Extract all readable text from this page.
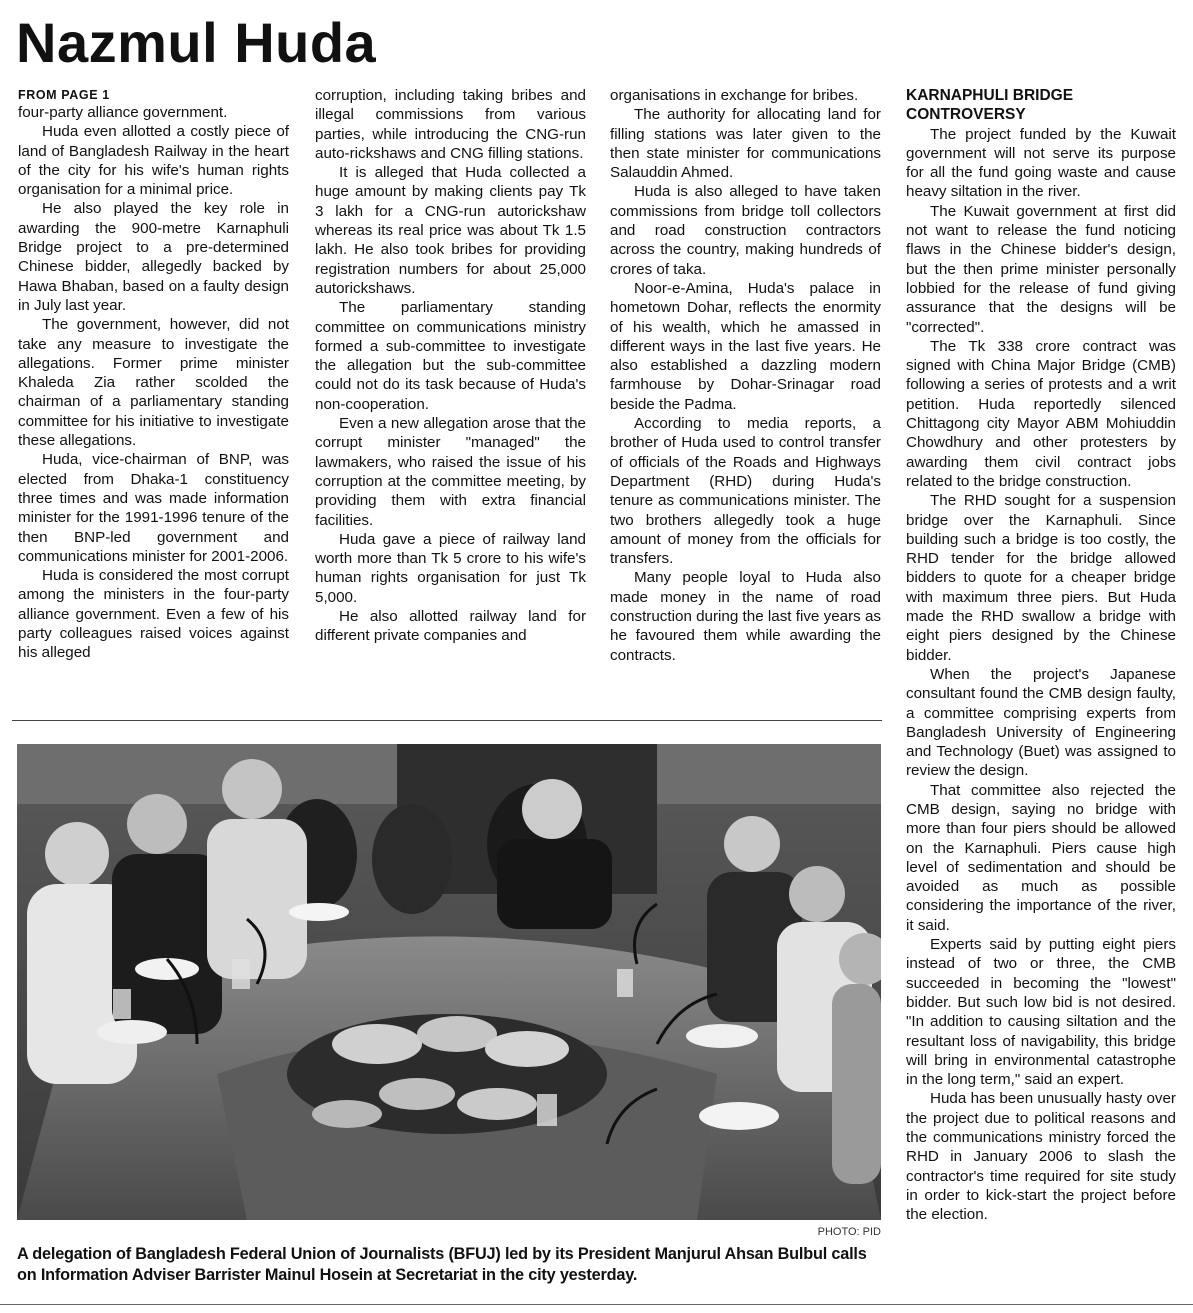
Nazmul Huda
FROM PAGE 1

four-party alliance government.

Huda even allotted a costly piece of land of Bangladesh Railway in the heart of the city for his wife's human rights organisation for a minimal price.

He also played the key role in awarding the 900-metre Karnaphuli Bridge project to a pre-determined Chinese bidder, allegedly backed by Hawa Bhaban, based on a faulty design in July last year.

The government, however, did not take any measure to investigate the allegations. Former prime minister Khaleda Zia rather scolded the chairman of a parliamentary standing committee for his initiative to investigate these allegations.

Huda, vice-chairman of BNP, was elected from Dhaka-1 constituency three times and was made information minister for the 1991-1996 tenure of the then BNP-led government and communications minister for 2001-2006.

Huda is considered the most corrupt among the ministers in the four-party alliance government. Even a few of his party colleagues raised voices against his alleged

corruption, including taking bribes and illegal commissions from various parties, while introducing the CNG-run auto-rickshaws and CNG filling stations.

It is alleged that Huda collected a huge amount by making clients pay Tk 3 lakh for a CNG-run autorickshaw whereas its real price was about Tk 1.5 lakh. He also took bribes for providing registration numbers for about 25,000 autorickshaws.

The parliamentary standing committee on communications ministry formed a sub-committee to investigate the allegation but the sub-committee could not do its task because of Huda's non-cooperation.

Even a new allegation arose that the corrupt minister "managed" the lawmakers, who raised the issue of his corruption at the committee meeting, by providing them with extra financial facilities.

Huda gave a piece of railway land worth more than Tk 5 crore to his wife's human rights organisation for just Tk 5,000.

He also allotted railway land for different private companies and

organisations in exchange for bribes.

The authority for allocating land for filling stations was later given to the then state minister for communications Salauddin Ahmed.

Huda is also alleged to have taken commissions from bridge toll collectors and road construction contractors across the country, making hundreds of crores of taka.

Noor-e-Amina, Huda's palace in hometown Dohar, reflects the enormity of his wealth, which he amassed in different ways in the last five years. He also established a dazzling modern farmhouse by Dohar-Srinagar road beside the Padma.

According to media reports, a brother of Huda used to control transfer of officials of the Roads and Highways Department (RHD) during Huda's tenure as communications minister. The two brothers allegedly took a huge amount of money from the officials for transfers.

Many people loyal to Huda also made money in the name of road construction during the last five years as he favoured them while awarding the contracts.

KARNAPHULI BRIDGE CONTROVERSY

The project funded by the Kuwait government will not serve its purpose for all the fund going waste and cause heavy siltation in the river.

The Kuwait government at first did not want to release the fund noticing flaws in the Chinese bidder's design, but the then prime minister personally lobbied for the release of fund giving assurance that the designs will be "corrected".

The Tk 338 crore contract was signed with China Major Bridge (CMB) following a series of protests and a writ petition. Huda reportedly silenced Chittagong city Mayor ABM Mohiuddin Chowdhury and other protesters by awarding them civil contract jobs related to the bridge construction.

The RHD sought for a suspension bridge over the Karnaphuli. Since building such a bridge is too costly, the RHD tender for the bridge allowed bidders to quote for a cheaper bridge with maximum three piers. But Huda made the RHD swallow a bridge with eight piers designed by the Chinese bidder.

When the project's Japanese consultant found the CMB design faulty, a committee comprising experts from Bangladesh University of Engineering and Technology (Buet) was assigned to review the design.

That committee also rejected the CMB design, saying no bridge with more than four piers should be allowed on the Karnaphuli. Piers cause high level of sedimentation and should be avoided as much as possible considering the importance of the river, it said.

Experts said by putting eight piers instead of two or three, the CMB succeeded in becoming the "lowest" bidder. But such low bid is not desired. "In addition to causing siltation and the resultant loss of navigability, this bridge will bring in environmental catastrophe in the long term," said an expert.

Huda has been unusually hasty over the project due to political reasons and the communications ministry forced the RHD in January 2006 to slash the contractor's time required for site study in order to kick-start the project before the election.

PHOTO: PID
A delegation of Bangladesh Federal Union of Journalists (BFUJ) led by its President Manjurul Ahsan Bulbul calls on Information Adviser Barrister Mainul Hosein at Secretariat in the city yesterday.
